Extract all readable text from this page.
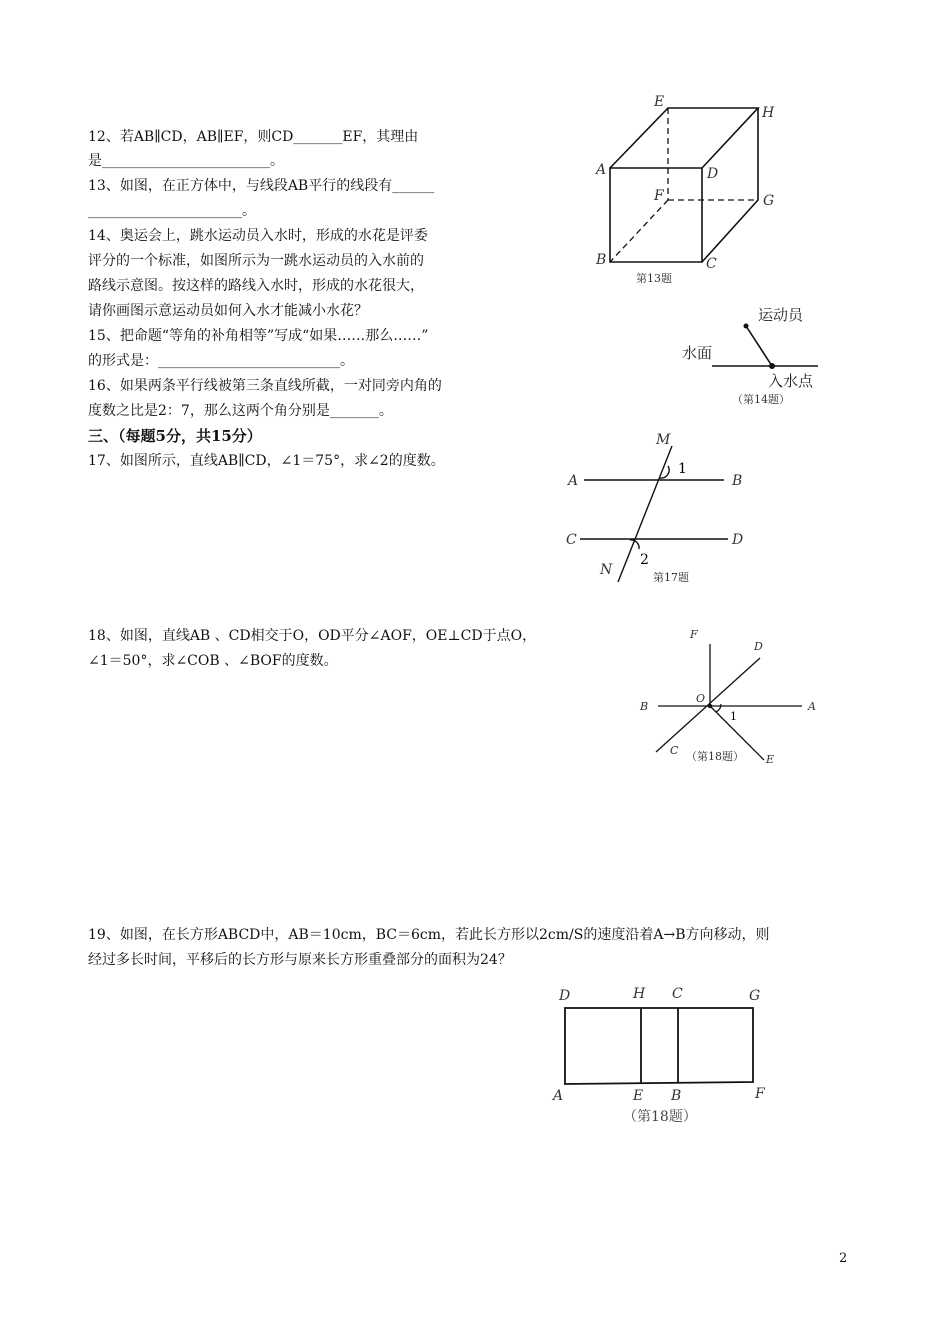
12、若AB∥CD，AB∥EF，则CD_______EF，其理由
是________________________。
13、如图，在正方体中，与线段AB平行的线段有______
______________________。
14、奥运会上，跳水运动员入水时，形成的水花是评委
评分的一个标准，如图所示为一跳水运动员的入水前的
路线示意图。按这样的路线入水时，形成的水花很大，
请你画图示意运动员如何入水才能减小水花？
15、把命题“等角的补角相等”写成“如果……那么……”
的形式是：__________________________。
16、如果两条平行线被第三条直线所截，一对同旁内角的
度数之比是2：7，那么这两个角分别是_______。
三、（每题5分，共15分）
17、如图所示，直线AB∥CD，∠1＝75°，求∠2的度数。
18、如图，直线AB 、CD相交于O，OD平分∠AOF，OE⊥CD于点O，
∠1＝50°，求∠COB 、∠BOF的度数。
19、如图，在长方形ABCD中，AB＝10cm，BC＝6cm，若此长方形以2cm/S的速度沿着A→B方向移动，则
经过多长时间，平移后的长方形与原来长方形重叠部分的面积为24？
E
H
A	D
F	G
B	C
第13题
运动员
水面
入水点
（第14题）
M
1
A	B
C	D
2
N	第17题
F
D
B
O
A
1
C
E
（第18题）
D	H C	G
A	E B	F
（第18题）
2
